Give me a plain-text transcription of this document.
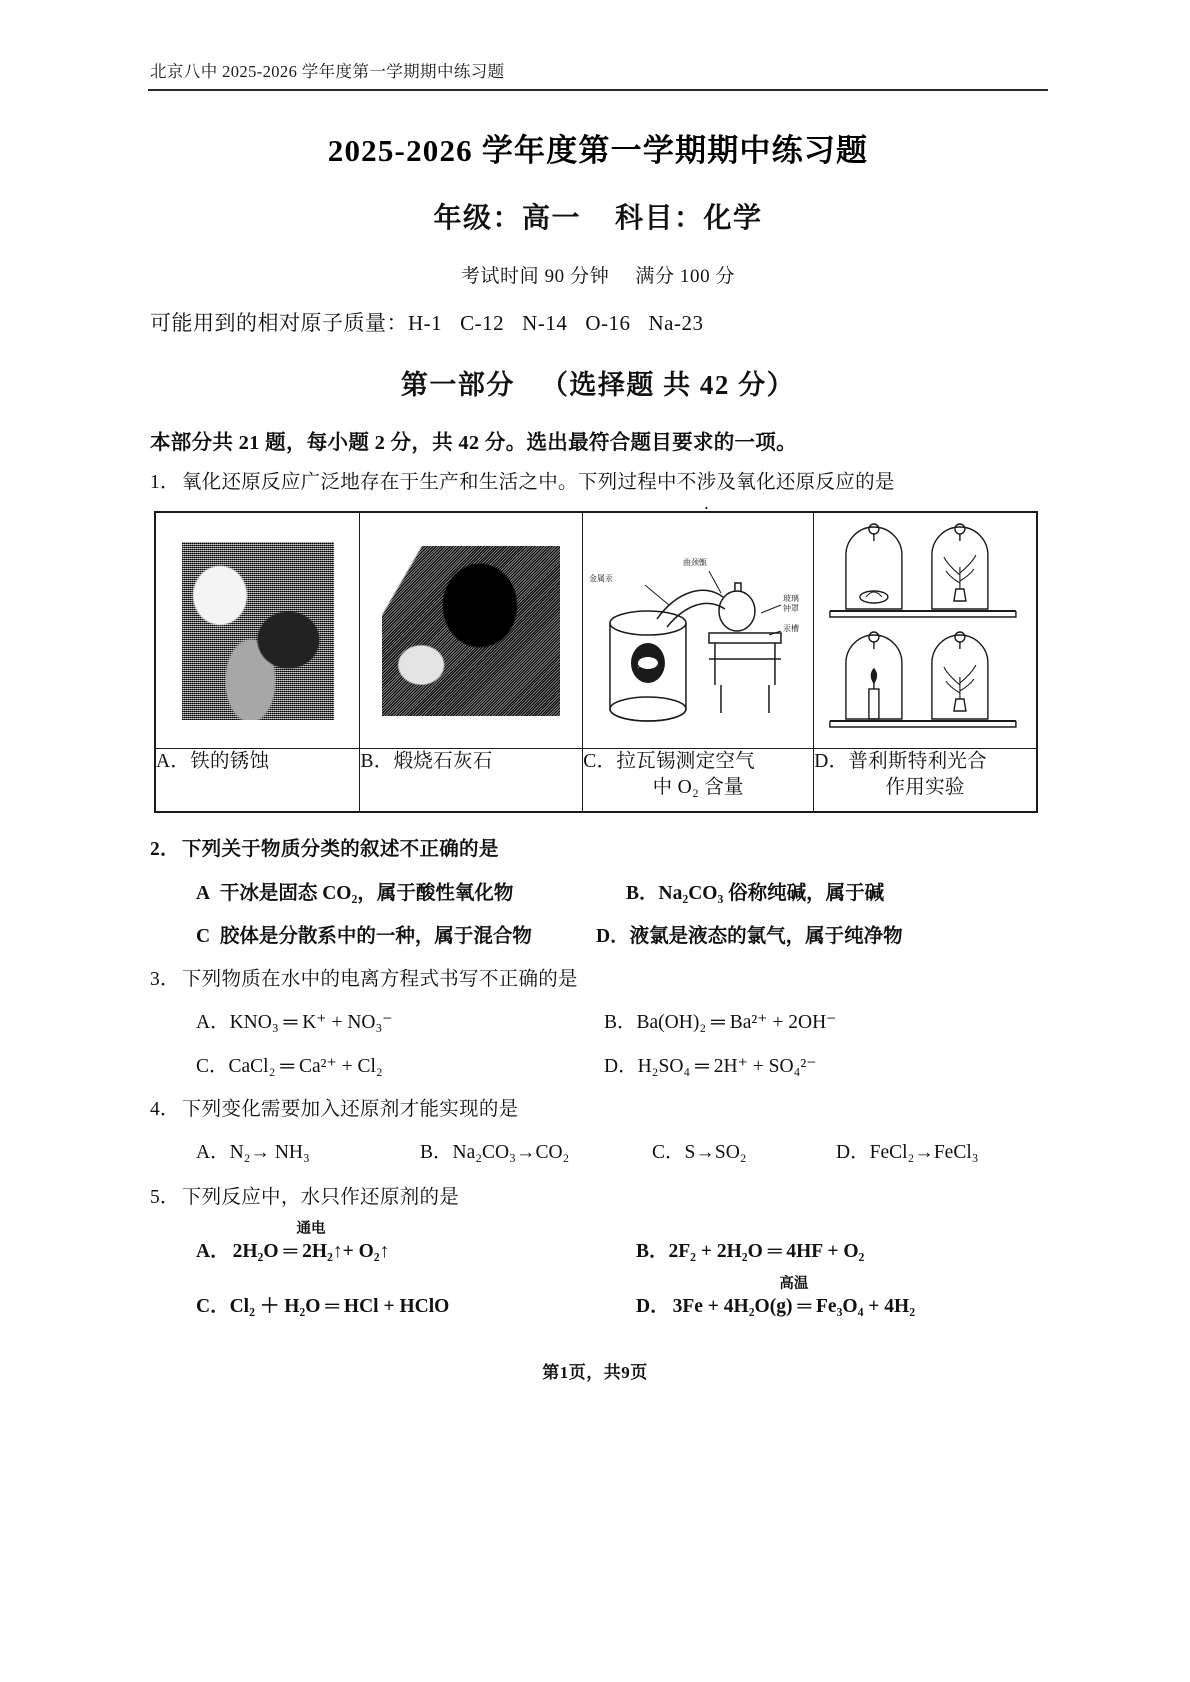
北京八中 2025-2026 学年度第一学期期中练习题
2025-2026 学年度第一学期期中练习题
年级：高一 科目：化学
考试时间 90 分钟 满分 100 分
可能用到的相对原子质量：H-1 C-12 N-14 O-16 Na-23
第一部分 （选择题 共 42 分）
本部分共 21 题，每小题 2 分，共 42 分。选出最符合题目要求的一项。
1． 氧化还原反应广泛地存在于生产和生活之中。下列过程中不涉及氧化还原反应的是

金属汞
曲颈甑
玻璃
钟罩
汞槽
火炉

A．铁的锈蚀	B．煅烧石灰石	C．拉瓦锡测定空气
中 O₂ 含量	D．普利斯特利光合
作用实验
2． 下列关于物质分类的叙述不正确的是
A 干冰是固态 CO₂，属于酸性氧化物	B．Na₂CO₃ 俗称纯碱，属于碱
C 胶体是分散系中的一种，属于混合物	D．液氯是液态的氯气，属于纯净物
3． 下列物质在水中的电离方程式书写不正确的是
A．KNO₃ ═ K⁺ + NO₃⁻	B．Ba(OH)₂ ═ Ba²⁺ + 2OH⁻
C．CaCl₂ ═ Ca²⁺ + Cl₂	D．H₂SO₄ ═ 2H⁺ + SO₄²⁻
4． 下列变化需要加入还原剂才能实现的是
A．N₂→ NH₃	B．Na₂CO₃→CO₂	C．S→SO₂	D．FeCl₂→FeCl₃
5． 下列反应中，水只作还原剂的是
A．
通电
2H₂O ═ 2H₂↑+ O₂↑	B．2F₂ + 2H₂O ═ 4HF + O₂
C．Cl₂ ＋ H₂O ═ HCl + HClO	D．
高温
3Fe + 4H₂O(g) ═ Fe₃O₄ + 4H₂
第1页，共9页
